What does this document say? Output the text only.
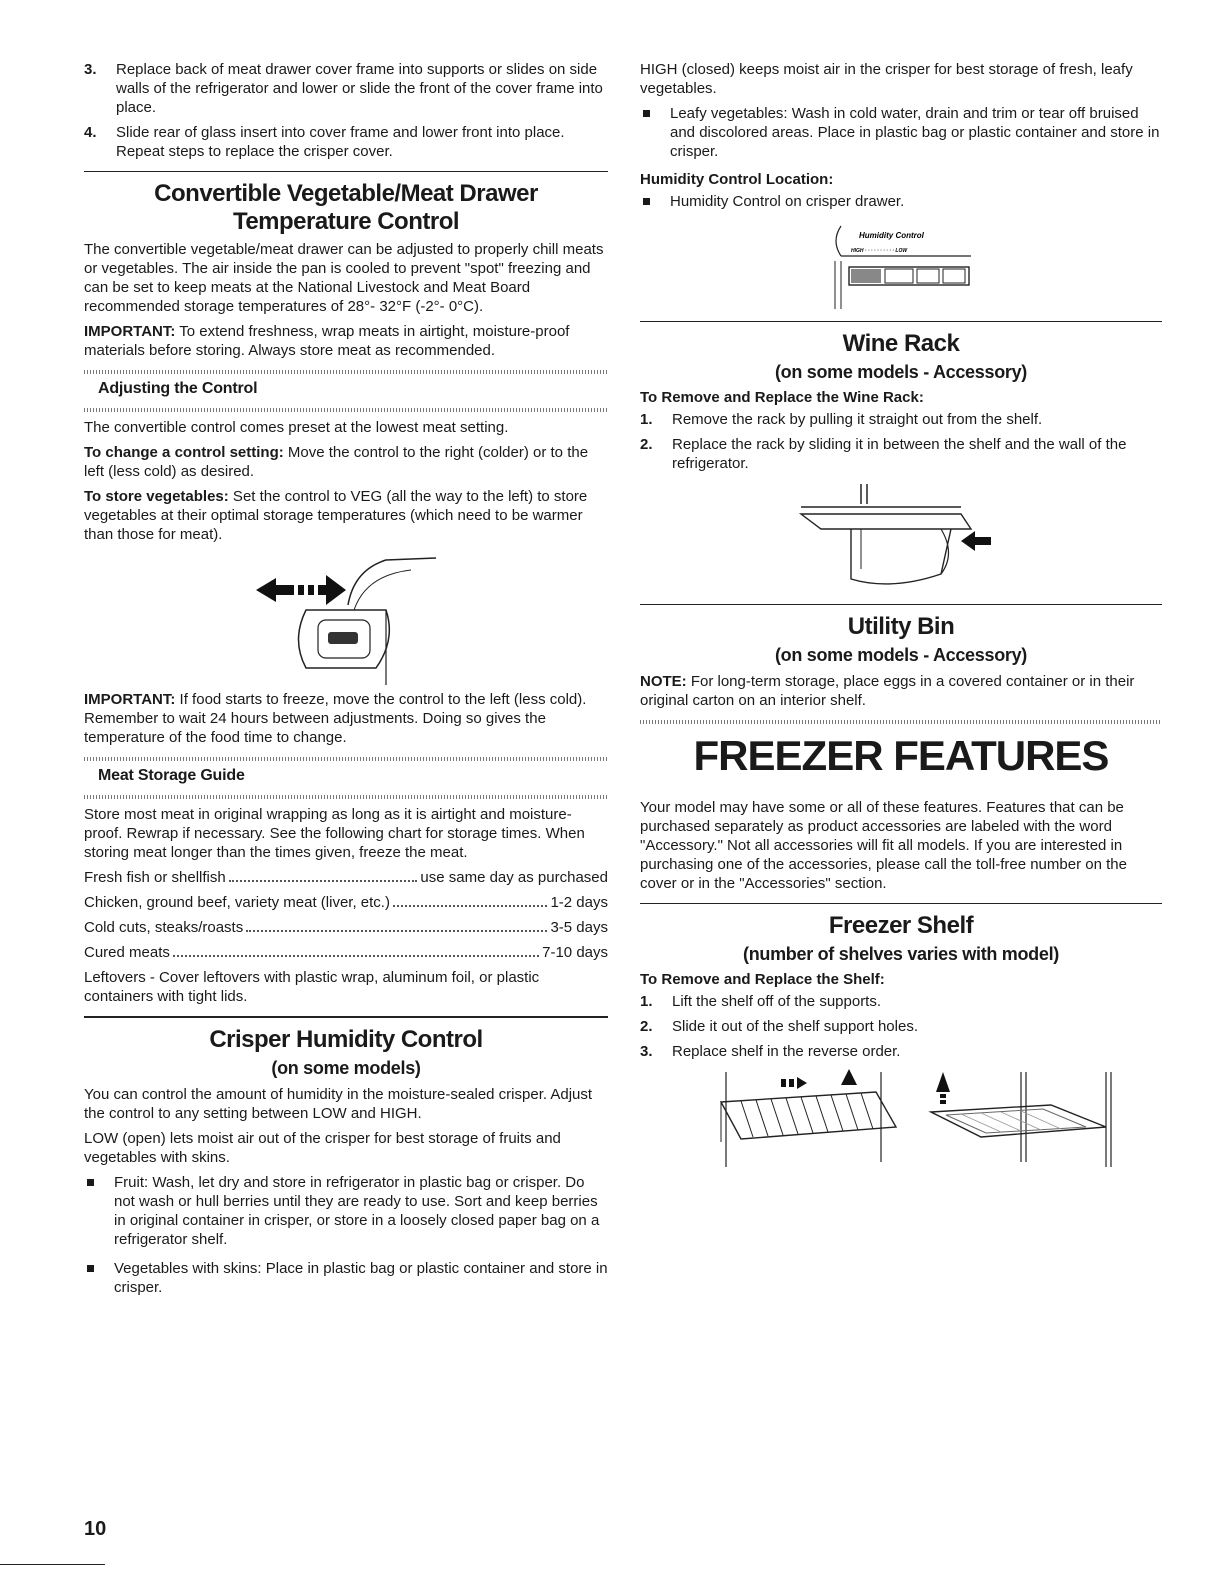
3. Replace back of meat drawer cover frame into supports or slides on side walls of the refrigerator and lower or slide the front of the cover frame into place.
4. Slide rear of glass insert into cover frame and lower front into place. Repeat steps to replace the crisper cover.
Convertible Vegetable/Meat Drawer
Temperature Control

The convertible vegetable/meat drawer can be adjusted to properly chill meats or vegetables. The air inside the pan is cooled to prevent "spot" freezing and can be set to keep meats at the National Livestock and Meat Board recommended storage temperatures of 28°- 32°F (-2°- 0°C).

IMPORTANT: To extend freshness, wrap meats in airtight, moisture-proof materials before storing. Always store meat as recommended.

Adjusting the Control

The convertible control comes preset at the lowest meat setting.

To change a control setting: Move the control to the right (colder) or to the left (less cold) as desired.

To store vegetables: Set the control to VEG (all the way to the left) to store vegetables at their optimal storage temperatures (which need to be warmer than those for meat).

IMPORTANT: If food starts to freeze, move the control to the left (less cold). Remember to wait 24 hours between adjustments. Doing so gives the temperature of the food time to change.

Meat Storage Guide

Store most meat in original wrapping as long as it is airtight and moisture-proof. Rewrap if necessary. See the following chart for storage times. When storing meat longer than the times given, freeze the meat.

Fresh fish or shellfish	use same day as purchased
Chicken, ground beef, variety meat (liver, etc.)	1-2 days
Cold cuts, steaks/roasts	3-5 days
Cured meats	7-10 days

Leftovers - Cover leftovers with plastic wrap, aluminum foil, or plastic containers with tight lids.

Crisper Humidity Control
(on some models)

You can control the amount of humidity in the moisture-sealed crisper. Adjust the control to any setting between LOW and HIGH.

LOW (open) lets moist air out of the crisper for best storage of fruits and vegetables with skins.

Fruit: Wash, let dry and store in refrigerator in plastic bag or crisper. Do not wash or hull berries until they are ready to use. Sort and keep berries in original container in crisper, or store in a loosely closed paper bag on a refrigerator shelf.
Vegetables with skins: Place in plastic bag or plastic container and store in crisper.

HIGH (closed) keeps moist air in the crisper for best storage of fresh, leafy vegetables.

Leafy vegetables: Wash in cold water, drain and trim or tear off bruised and discolored areas. Place in plastic bag or plastic container and store in crisper.
Humidity Control Location:
Humidity Control on crisper drawer.
Humidity Control
HIGH · · · · · · · · · · LOW
Wine Rack
(on some models - Accessory)
To Remove and Replace the Wine Rack:
1. Remove the rack by pulling it straight out from the shelf.
2. Replace the rack by sliding it in between the shelf and the wall of the refrigerator.
Utility Bin
(on some models - Accessory)

NOTE: For long-term storage, place eggs in a covered container or in their original carton on an interior shelf.

FREEZER FEATURES

Your model may have some or all of these features. Features that can be purchased separately as product accessories are labeled with the word "Accessory." Not all accessories will fit all models. If you are interested in purchasing one of the accessories, please call the toll-free number on the cover or in the "Accessories" section.

Freezer Shelf
(number of shelves varies with model)
To Remove and Replace the Shelf:
1. Lift the shelf off of the supports.
2. Slide it out of the shelf support holes.
3. Replace shelf in the reverse order.
10
